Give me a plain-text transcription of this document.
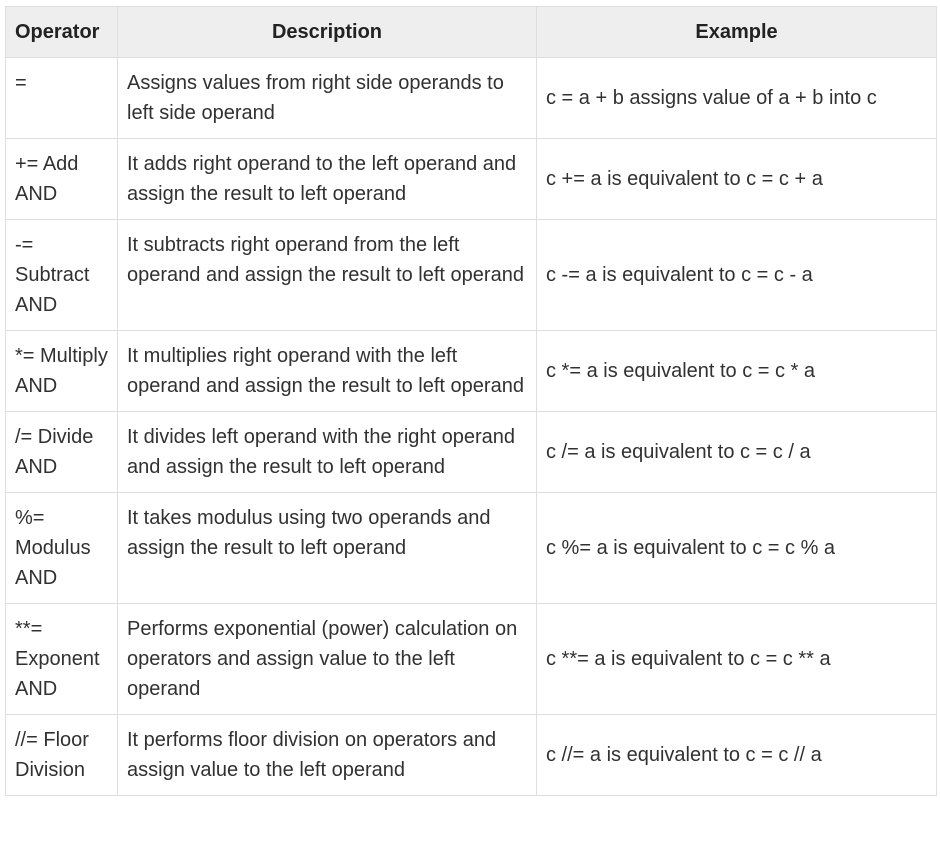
Operator	Description	Example
=	Assigns values from right side operands to left side operand	c = a + b assigns value of a + b into c
+= Add AND	It adds right operand to the left operand and assign the result to left operand	c += a is equivalent to c = c + a
-= Subtract AND	It subtracts right operand from the left operand and assign the result to left operand	c -= a is equivalent to c = c - a
*= Multiply AND	It multiplies right operand with the left operand and assign the result to left operand	c *= a is equivalent to c = c * a
/= Divide AND	It divides left operand with the right operand and assign the result to left operand	c /= a is equivalent to c = c / a
%= Modulus AND	It takes modulus using two operands and assign the result to left operand	c %= a is equivalent to c = c % a
**= Exponent AND	Performs exponential (power) calculation on operators and assign value to the left operand	c **= a is equivalent to c = c ** a
//= Floor Division	It performs floor division on operators and assign value to the left operand	c //= a is equivalent to c = c // a
